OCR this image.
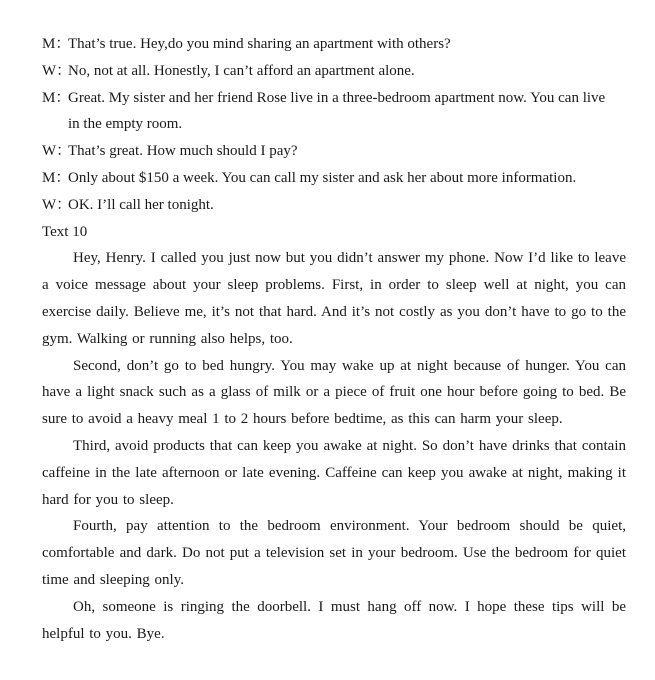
M：
That’s true. Hey,do you mind sharing an apartment with others?
W：
No, not at all. Honestly, I can’t afford an apartment alone.
M：
Great. My sister and her friend Rose live in a three-bedroom apartment now. You can live
in the empty room.
W：
That’s great. How much should I pay?
M：
Only about $150 a week. You can call my sister and ask her about more information.
W：
OK. I’ll call her tonight.
Text 10

Hey, Henry. I called you just now but you didn’t answer my phone. Now I’d like to leave a voice message about your sleep problems. First, in order to sleep well at night, you can exercise daily. Believe me, it’s not that hard. And it’s not costly as you don’t have to go to the gym. Walking or running also helps, too.

Second, don’t go to bed hungry. You may wake up at night because of hunger. You can have a light snack such as a glass of milk or a piece of fruit one hour before going to bed. Be sure to avoid a heavy meal 1 to 2 hours before bedtime, as this can harm your sleep.

Third, avoid products that can keep you awake at night. So don’t have drinks that contain caffeine in the late afternoon or late evening. Caffeine can keep you awake at night, making it hard for you to sleep.

Fourth, pay attention to the bedroom environment. Your bedroom should be quiet, comfortable and dark. Do not put a television set in your bedroom. Use the bedroom for quiet time and sleeping only.

Oh, someone is ringing the doorbell. I must hang off now. I hope these tips will be helpful to you. Bye.
